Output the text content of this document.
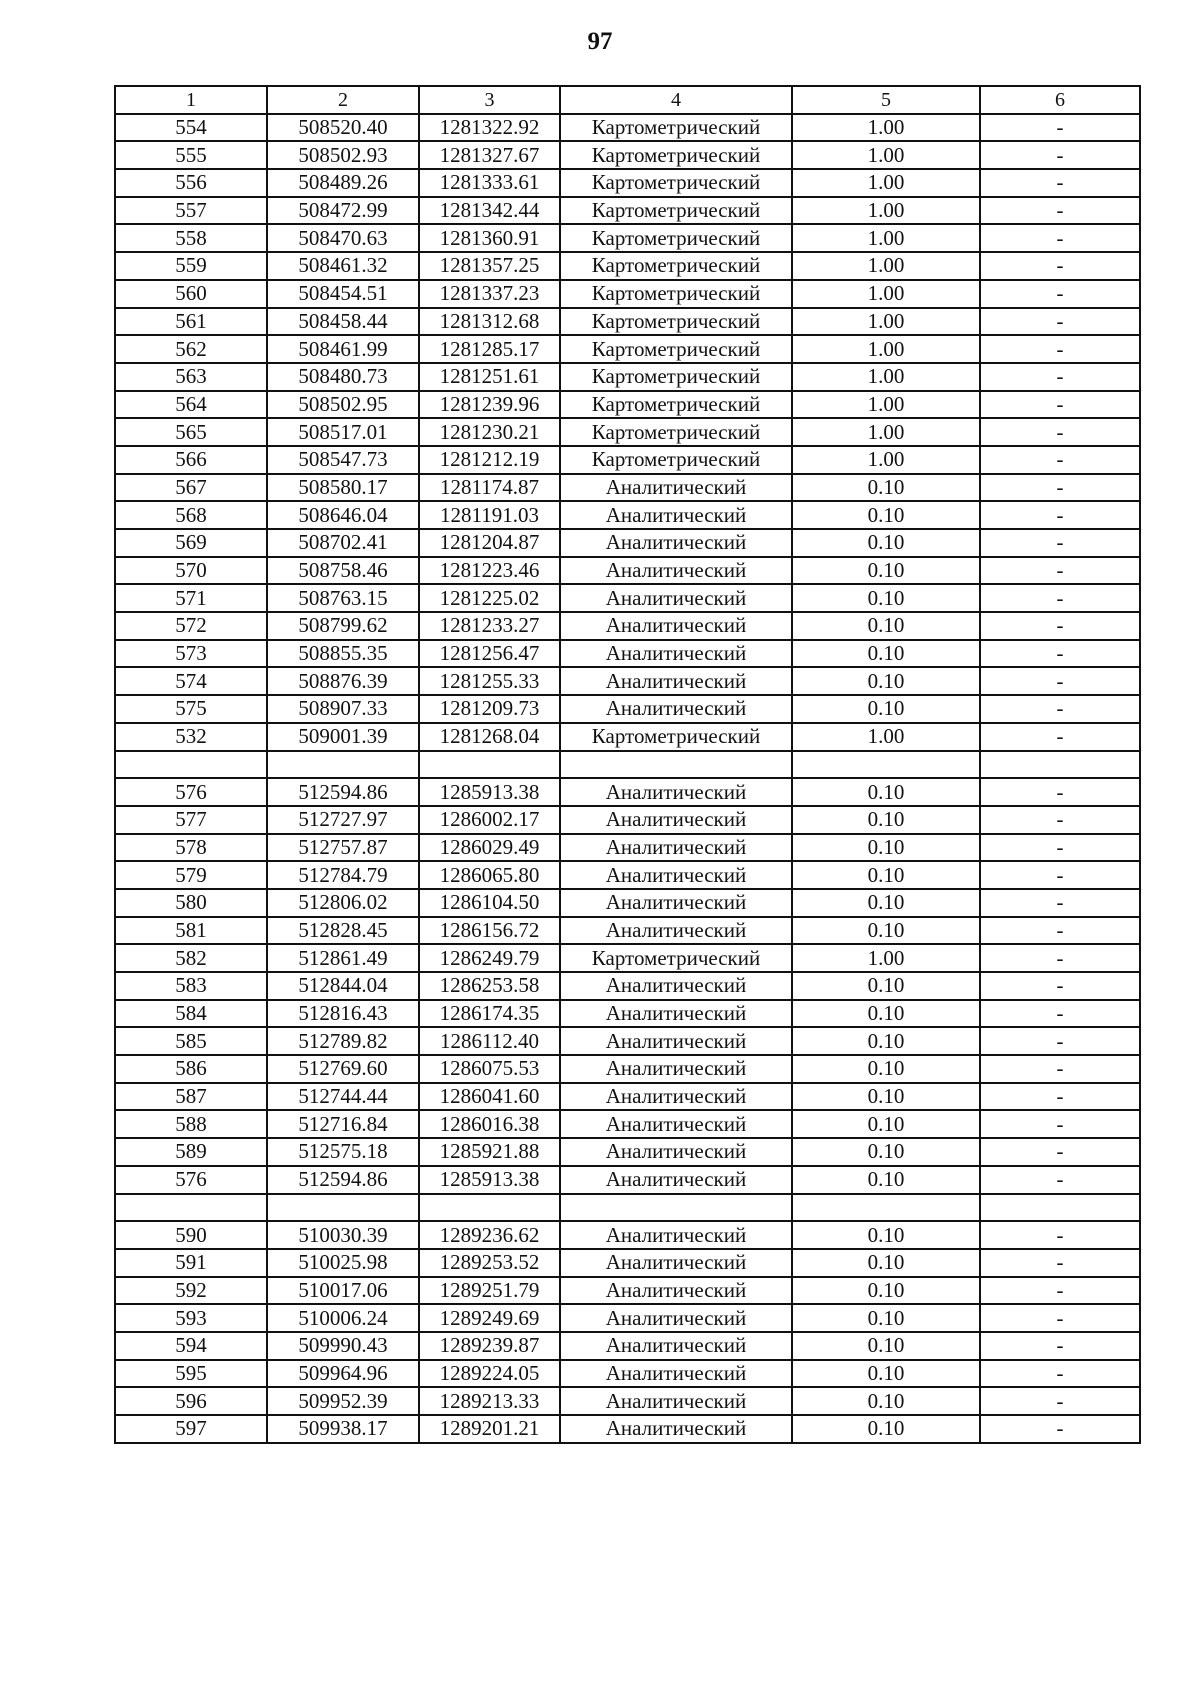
97
1	2	3	4	5	6
554	508520.40	1281322.92	Картометрический	1.00	-
555	508502.93	1281327.67	Картометрический	1.00	-
556	508489.26	1281333.61	Картометрический	1.00	-
557	508472.99	1281342.44	Картометрический	1.00	-
558	508470.63	1281360.91	Картометрический	1.00	-
559	508461.32	1281357.25	Картометрический	1.00	-
560	508454.51	1281337.23	Картометрический	1.00	-
561	508458.44	1281312.68	Картометрический	1.00	-
562	508461.99	1281285.17	Картометрический	1.00	-
563	508480.73	1281251.61	Картометрический	1.00	-
564	508502.95	1281239.96	Картометрический	1.00	-
565	508517.01	1281230.21	Картометрический	1.00	-
566	508547.73	1281212.19	Картометрический	1.00	-
567	508580.17	1281174.87	Аналитический	0.10	-
568	508646.04	1281191.03	Аналитический	0.10	-
569	508702.41	1281204.87	Аналитический	0.10	-
570	508758.46	1281223.46	Аналитический	0.10	-
571	508763.15	1281225.02	Аналитический	0.10	-
572	508799.62	1281233.27	Аналитический	0.10	-
573	508855.35	1281256.47	Аналитический	0.10	-
574	508876.39	1281255.33	Аналитический	0.10	-
575	508907.33	1281209.73	Аналитический	0.10	-
532	509001.39	1281268.04	Картометрический	1.00	-

576	512594.86	1285913.38	Аналитический	0.10	-
577	512727.97	1286002.17	Аналитический	0.10	-
578	512757.87	1286029.49	Аналитический	0.10	-
579	512784.79	1286065.80	Аналитический	0.10	-
580	512806.02	1286104.50	Аналитический	0.10	-
581	512828.45	1286156.72	Аналитический	0.10	-
582	512861.49	1286249.79	Картометрический	1.00	-
583	512844.04	1286253.58	Аналитический	0.10	-
584	512816.43	1286174.35	Аналитический	0.10	-
585	512789.82	1286112.40	Аналитический	0.10	-
586	512769.60	1286075.53	Аналитический	0.10	-
587	512744.44	1286041.60	Аналитический	0.10	-
588	512716.84	1286016.38	Аналитический	0.10	-
589	512575.18	1285921.88	Аналитический	0.10	-
576	512594.86	1285913.38	Аналитический	0.10	-

590	510030.39	1289236.62	Аналитический	0.10	-
591	510025.98	1289253.52	Аналитический	0.10	-
592	510017.06	1289251.79	Аналитический	0.10	-
593	510006.24	1289249.69	Аналитический	0.10	-
594	509990.43	1289239.87	Аналитический	0.10	-
595	509964.96	1289224.05	Аналитический	0.10	-
596	509952.39	1289213.33	Аналитический	0.10	-
597	509938.17	1289201.21	Аналитический	0.10	-
